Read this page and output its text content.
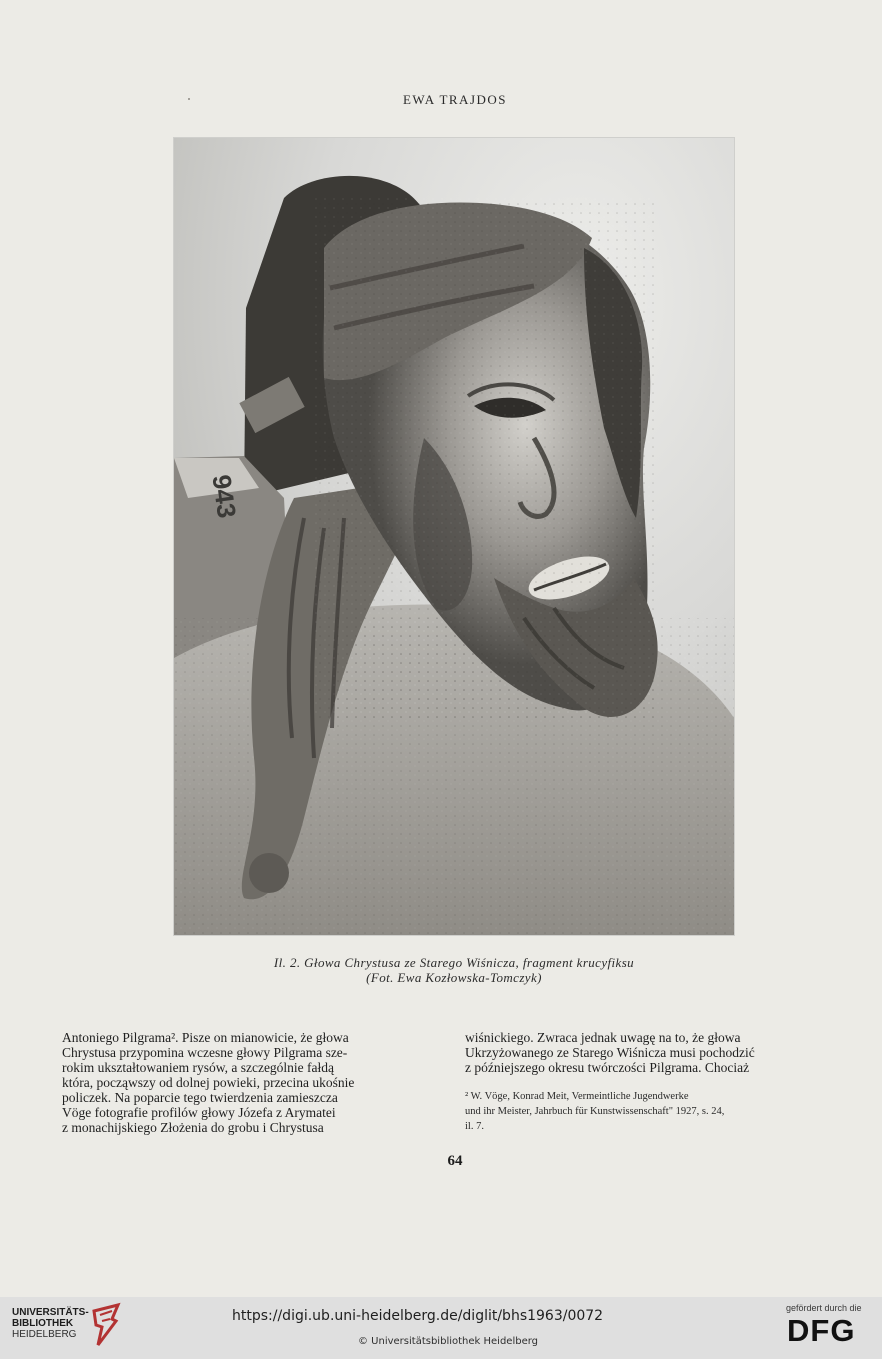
EWA TRAJDOS
943
Il. 2. Głowa Chrystusa ze Starego Wiśnicza, fragment krucyfiksu
(Fot. Ewa Kozłowska-Tomczyk)
Antoniego Pilgrama². Pisze on mianowicie, że głowa
Chrystusa przypomina wczesne głowy Pilgrama sze-
rokim ukształtowaniem rysów, a szczególnie fałdą
która, począwszy od dolnej powieki, przecina ukośnie
policzek. Na poparcie tego twierdzenia zamieszcza
Vöge fotografie profilów głowy Józefa z Arymatei
z monachijskiego Złożenia do grobu i Chrystusa
wiśnickiego. Zwraca jednak uwagę na to, że głowa
Ukrzyżowanego ze Starego Wiśnicza musi pochodzić
z późniejszego okresu twórczości Pilgrama. Chociaż
² W. Vöge, Konrad Meit, Vermeintliche Jugendwerke
und ihr Meister, Jahrbuch für Kunstwissenschaft" 1927, s. 24,
il. 7.
64
UNIVERSITÄTS-
BIBLIOTHEK
HEIDELBERG
https://digi.ub.uni-heidelberg.de/diglit/bhs1963/0072
© Universitätsbibliothek Heidelberg
gefördert durch die
DFG
